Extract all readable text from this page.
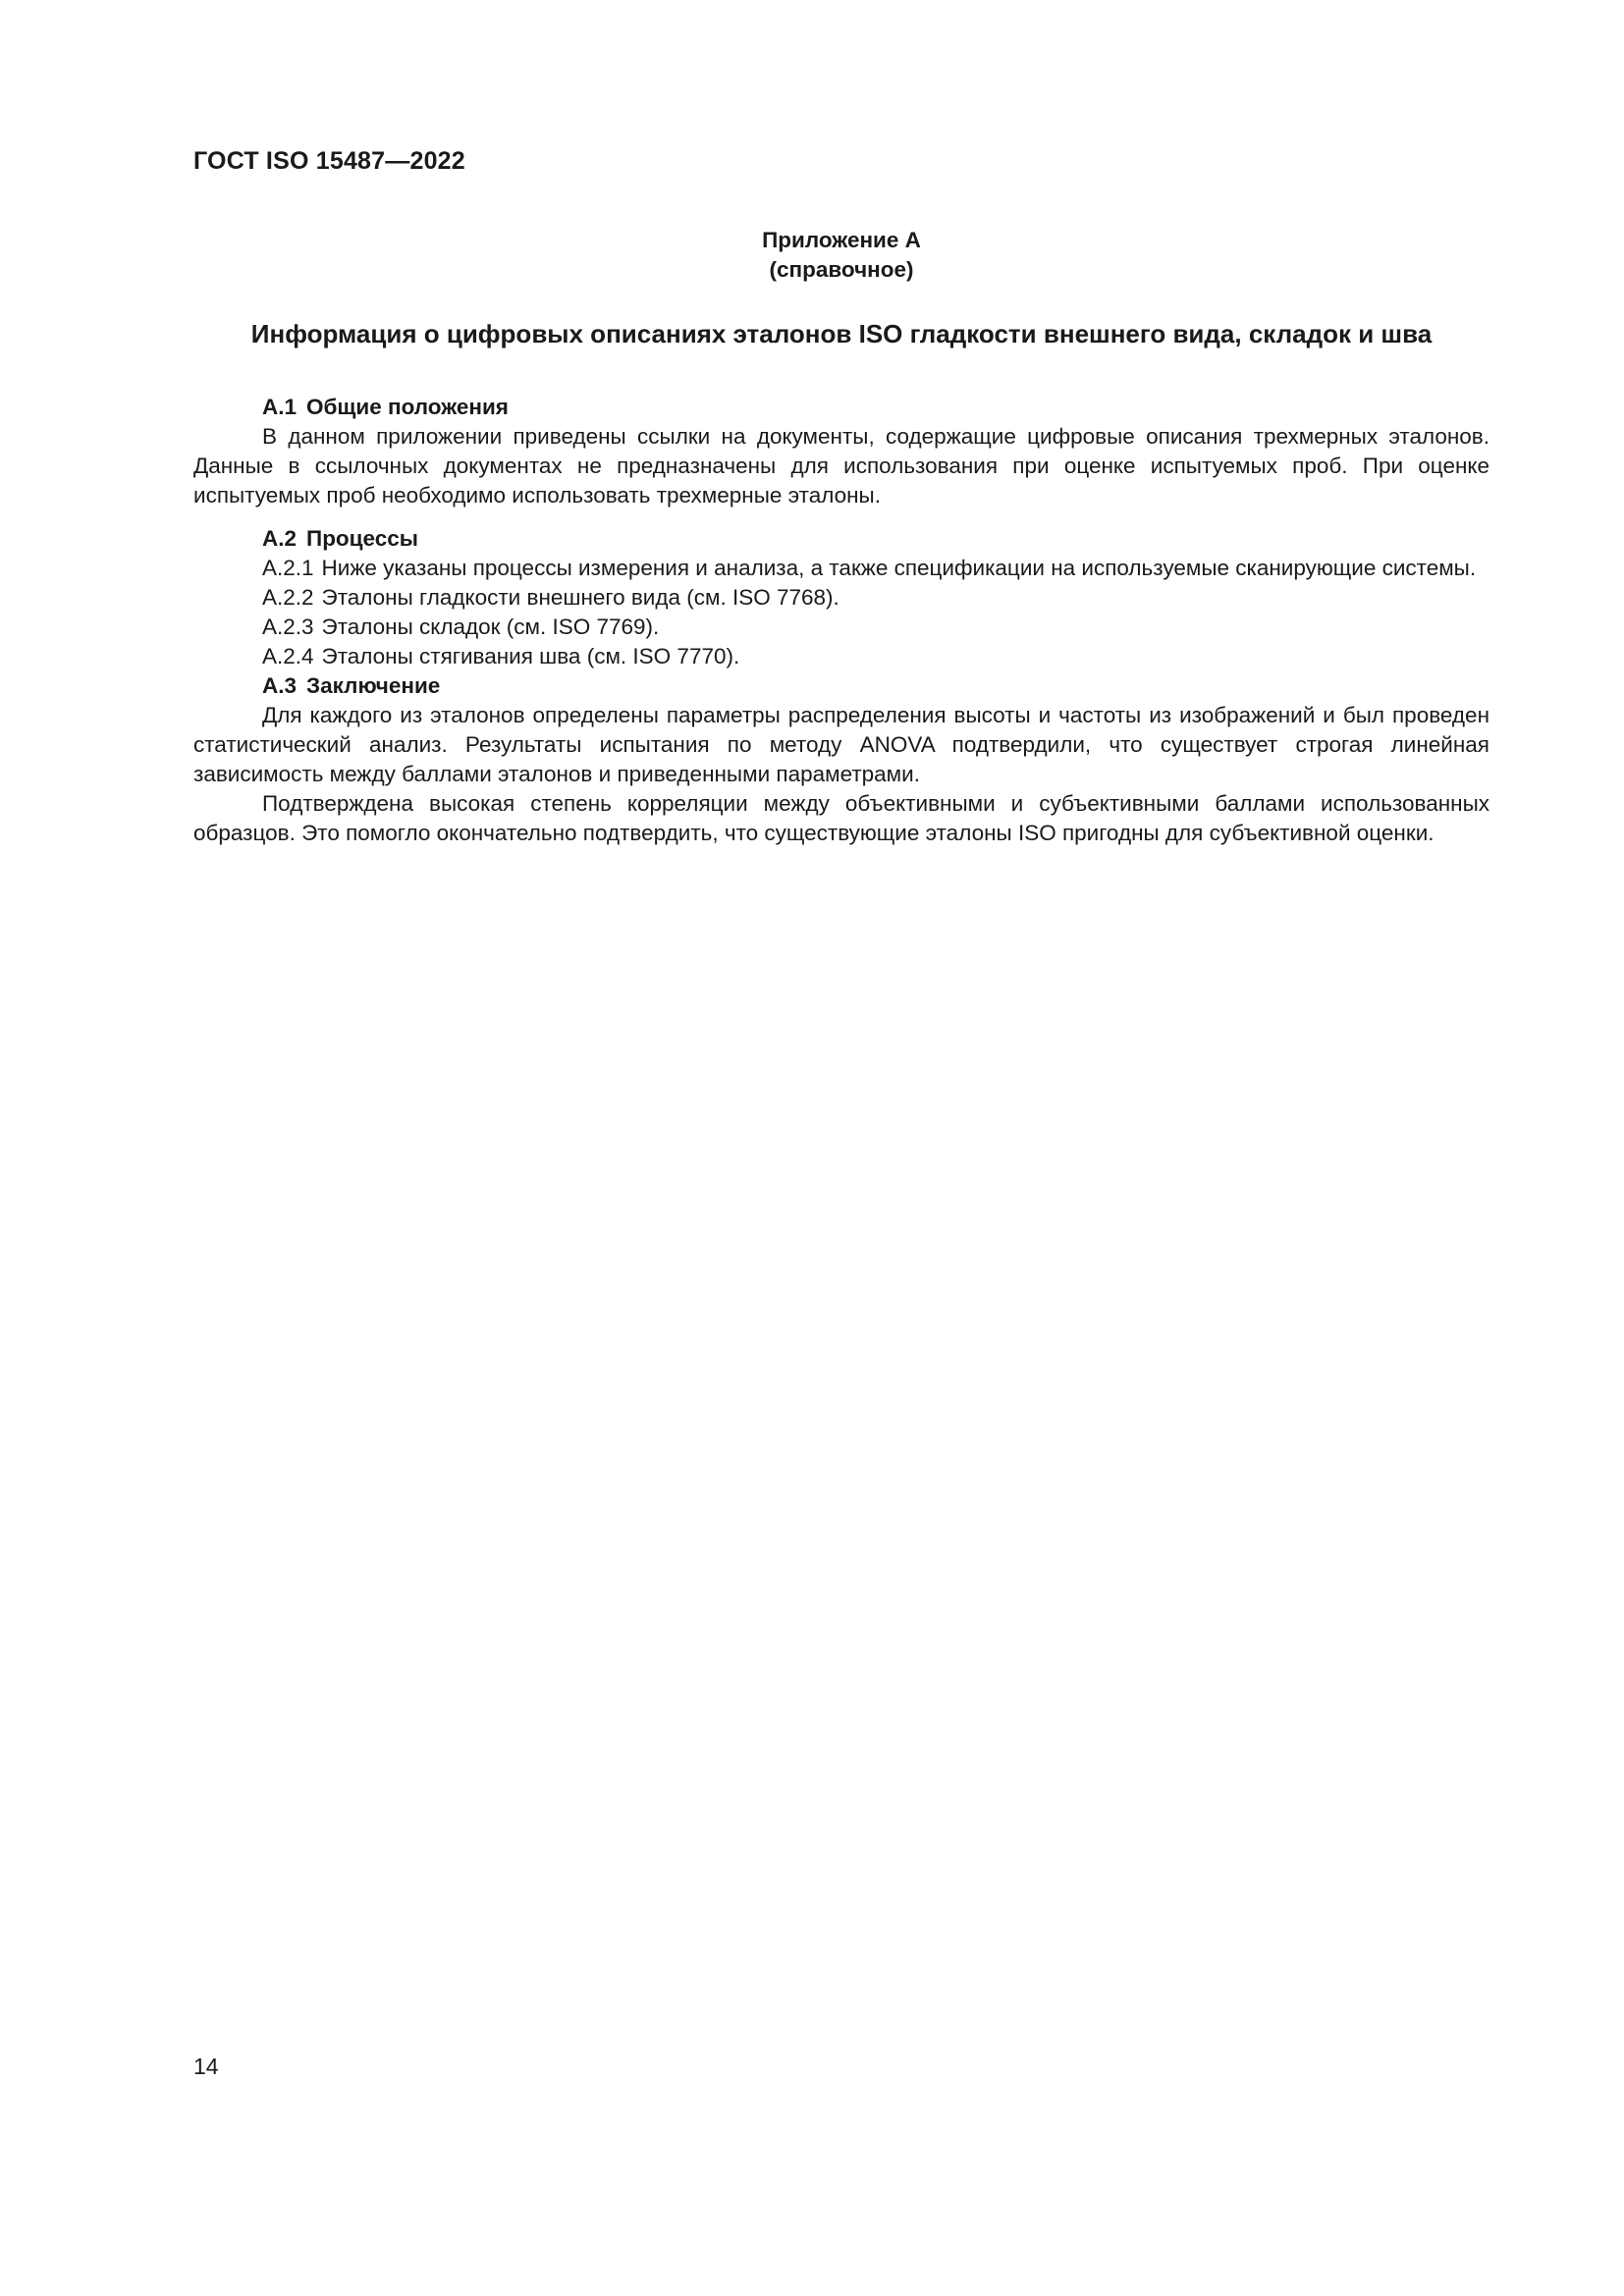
ГОСТ ISO 15487—2022
Приложение А
(справочное)
Информация о цифровых описаниях эталонов ISO гладкости внешнего вида, складок и шва

А.1 Общие положения

В данном приложении приведены ссылки на документы, содержащие цифровые описания трехмерных эталонов. Данные в ссылочных документах не предназначены для использования при оценке испытуемых проб. При оценке испытуемых проб необходимо использовать трехмерные эталоны.

А.2 Процессы

А.2.1 Ниже указаны процессы измерения и анализа, а также спецификации на используемые сканирующие системы.

А.2.2 Эталоны гладкости внешнего вида (см. ISO 7768).

А.2.3 Эталоны складок (см. ISO 7769).

А.2.4 Эталоны стягивания шва (см. ISO 7770).

А.3 Заключение

Для каждого из эталонов определены параметры распределения высоты и частоты из изображений и был проведен статистический анализ. Результаты испытания по методу ANOVA подтвердили, что существует строгая линейная зависимость между баллами эталонов и приведенными параметрами.

Подтверждена высокая степень корреляции между объективными и субъективными баллами использованных образцов. Это помогло окончательно подтвердить, что существующие эталоны ISO пригодны для субъективной оценки.

14
